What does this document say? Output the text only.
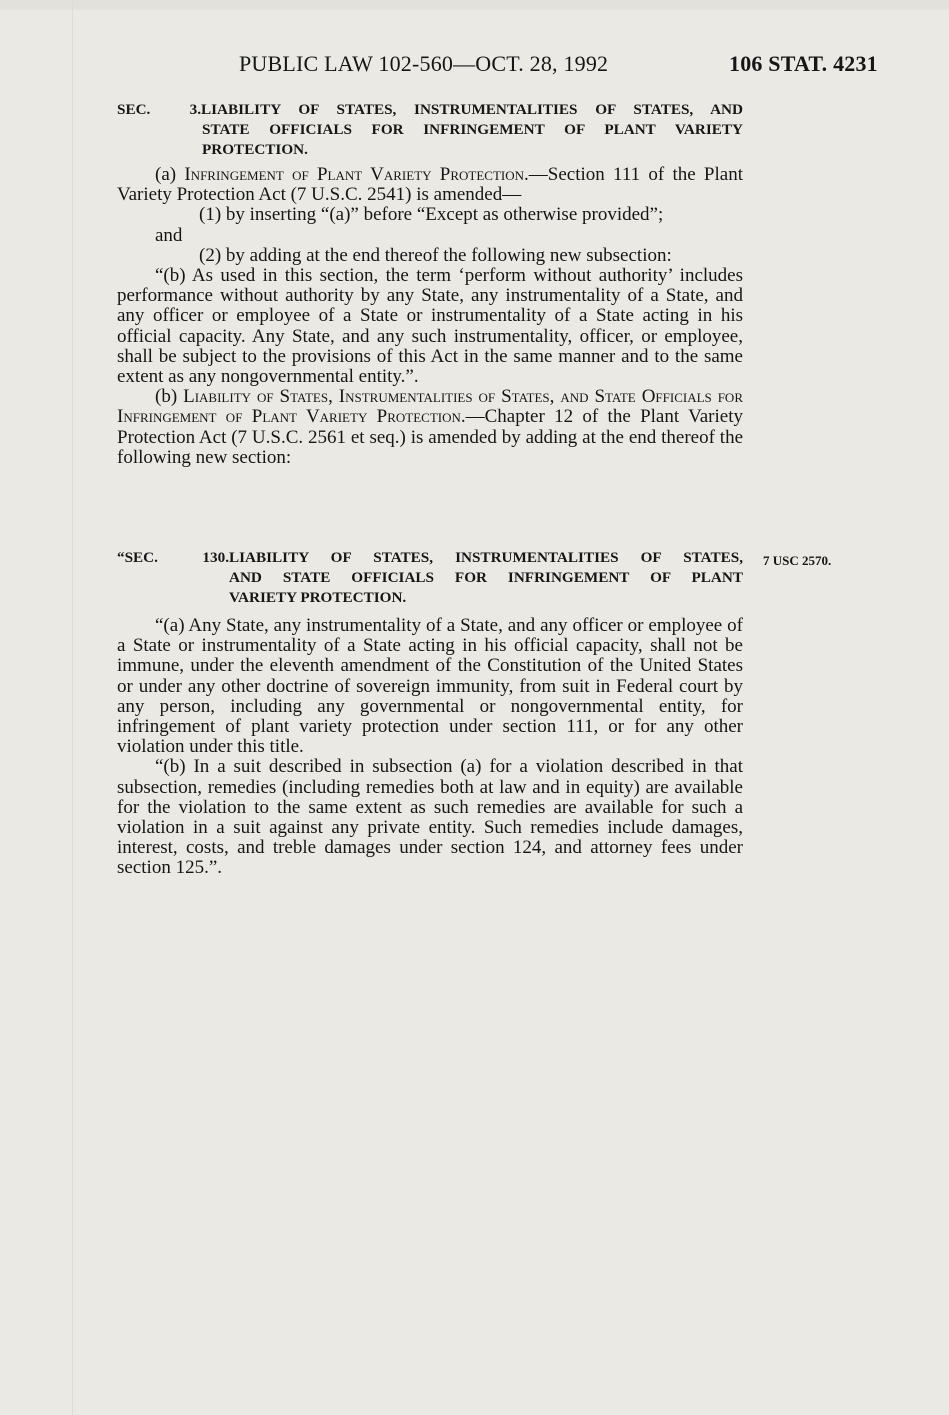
PUBLIC LAW 102-560—OCT. 28, 1992	106 STAT. 4231
SEC. 3.LIABILITY OF STATES, INSTRUMENTALITIES OF STATES, AND
STATE OFFICIALS FOR INFRINGEMENT OF PLANT VARIETY
PROTECTION.

(a) Infringement of Plant Variety Protection.—Section 111 of the Plant Variety Protection Act (7 U.S.C. 2541) is amended—

(1) by inserting “(a)” before “Except as otherwise provided”;

and

(2) by adding at the end thereof the following new subsection:

“(b) As used in this section, the term ‘perform without authority’ includes performance without authority by any State, any instrumentality of a State, and any officer or employee of a State or instrumentality of a State acting in his official capacity. Any State, and any such instrumentality, officer, or employee, shall be subject to the provisions of this Act in the same manner and to the same extent as any nongovernmental entity.”.

(b) Liability of States, Instrumentalities of States, and State Officials for Infringement of Plant Variety Protection.—Chapter 12 of the Plant Variety Protection Act (7 U.S.C. 2561 et seq.) is amended by adding at the end thereof the following new section:

“SEC. 130.LIABILITY OF STATES, INSTRUMENTALITIES OF STATES,
AND STATE OFFICIALS FOR INFRINGEMENT OF PLANT
VARIETY PROTECTION.
7 USC 2570.

“(a) Any State, any instrumentality of a State, and any officer or employee of a State or instrumentality of a State acting in his official capacity, shall not be immune, under the eleventh amendment of the Constitution of the United States or under any other doctrine of sovereign immunity, from suit in Federal court by any person, including any governmental or nongovernmental entity, for infringement of plant variety protection under section 111, or for any other violation under this title.

“(b) In a suit described in subsection (a) for a violation described in that subsection, remedies (including remedies both at law and in equity) are available for the violation to the same extent as such remedies are available for such a violation in a suit against any private entity. Such remedies include damages, interest, costs, and treble damages under section 124, and attorney fees under section 125.”.
